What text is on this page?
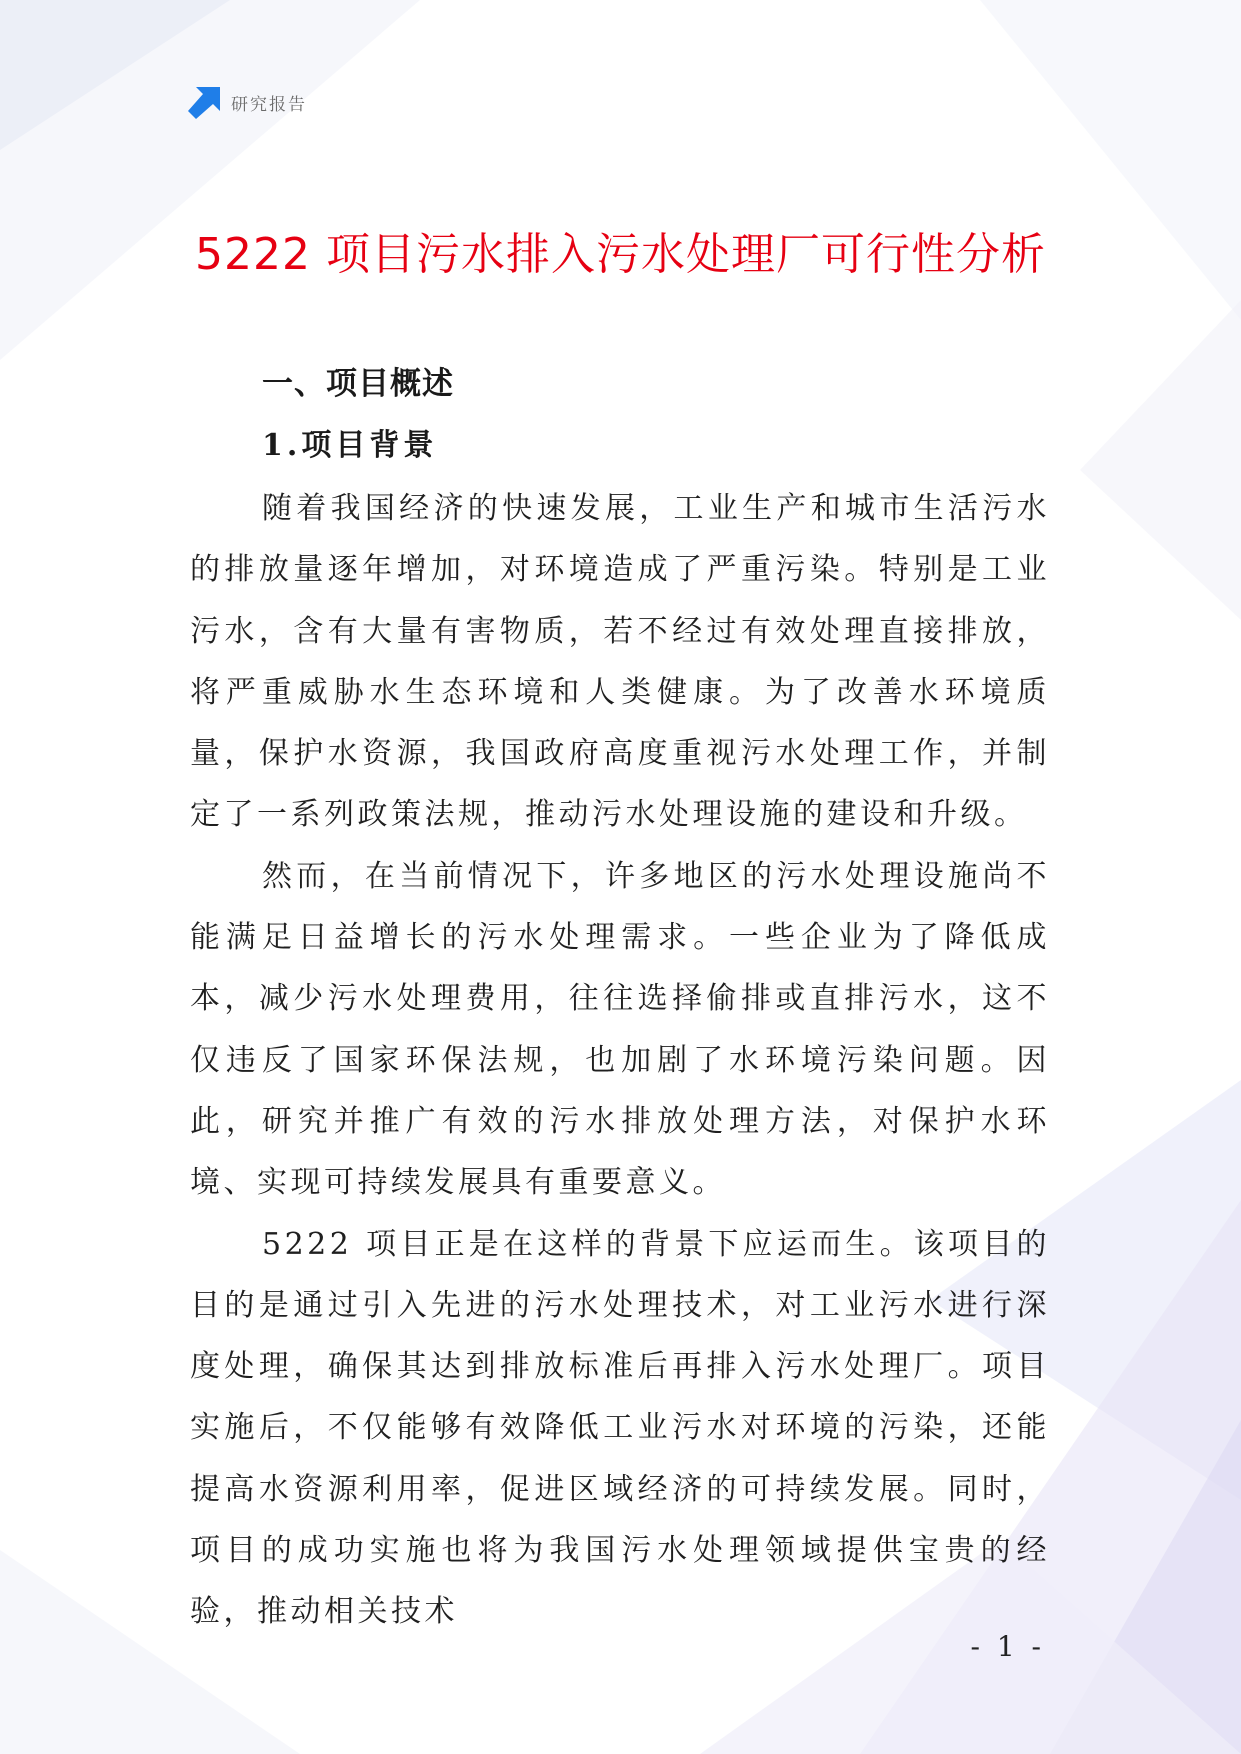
研究报告
5222 项目污水排入污水处理厂可行性分析
一、项目概述
1.项目背景

随着我国经济的快速发展，工业生产和城市生活污水的排放量逐年增加，对环境造成了严重污染。特别是工业污水，含有大量有害物质，若不经过有效处理直接排放，将严重威胁水生态环境和人类健康。为了改善水环境质量，保护水资源，我国政府高度重视污水处理工作，并制定了一系列政策法规，推动污水处理设施的建设和升级。

然而，在当前情况下，许多地区的污水处理设施尚不能满足日益增长的污水处理需求。一些企业为了降低成本，减少污水处理费用，往往选择偷排或直排污水，这不仅违反了国家环保法规，也加剧了水环境污染问题。因此，研究并推广有效的污水排放处理方法，对保护水环境、实现可持续发展具有重要意义。

5222 项目正是在这样的背景下应运而生。该项目的目的是通过引入先进的污水处理技术，对工业污水进行深度处理，确保其达到排放标准后再排入污水处理厂。项目实施后，不仅能够有效降低工业污水对环境的污染，还能提高水资源利用率，促进区域经济的可持续发展。同时，项目的成功实施也将为我国污水处理领域提供宝贵的经验，推动相关技术

- 1 -
